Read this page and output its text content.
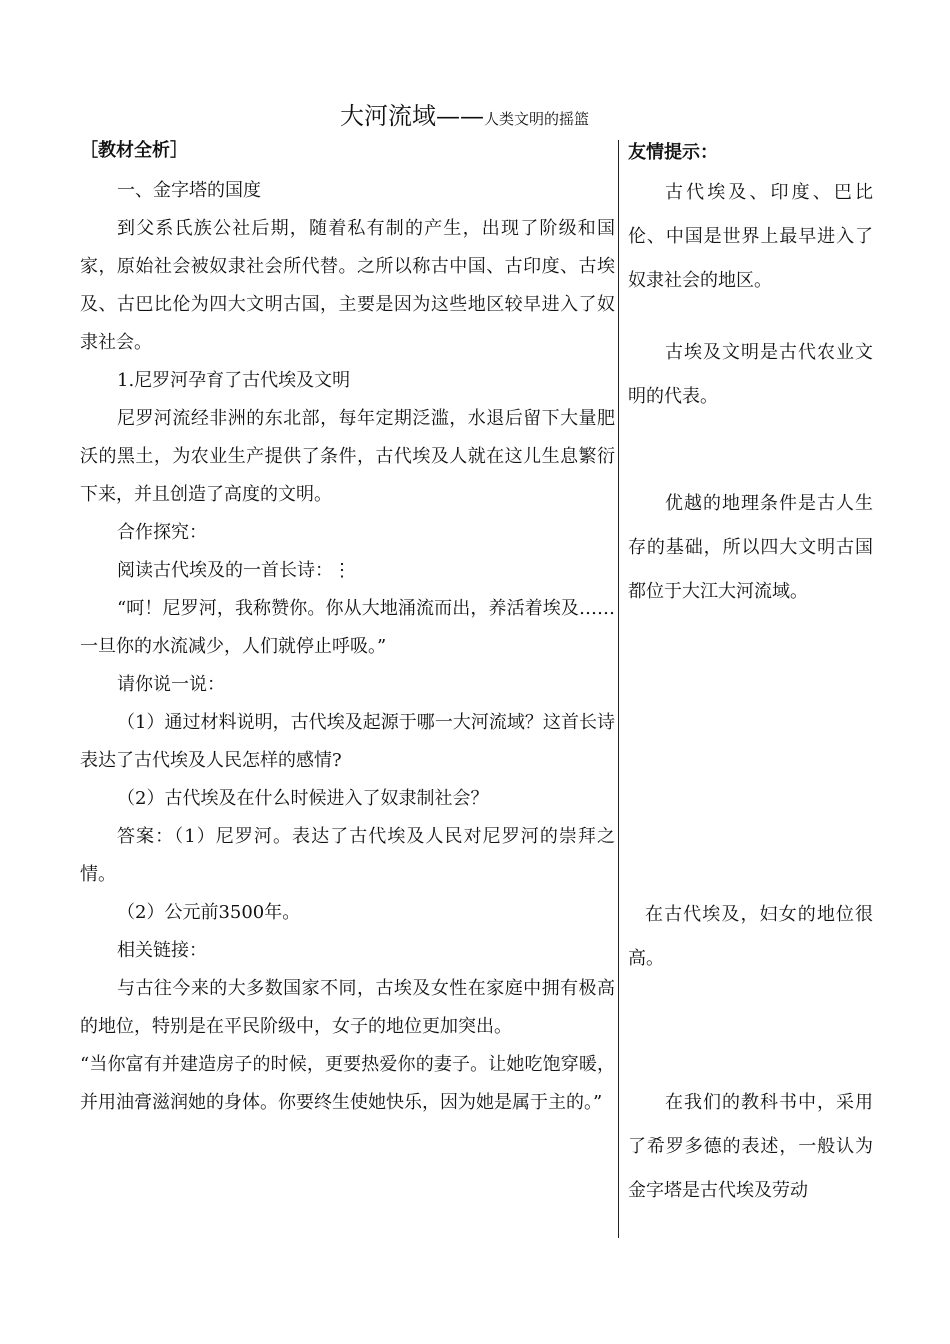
大河流域——人类文明的摇篮
［教材全析］

一、金字塔的国度

到父系氏族公社后期，随着私有制的产生，出现了阶级和国家，原始社会被奴隶社会所代替。之所以称古中国、古印度、古埃及、古巴比伦为四大文明古国，主要是因为这些地区较早进入了奴隶社会。

1.尼罗河孕育了古代埃及文明

尼罗河流经非洲的东北部，每年定期泛滥，水退后留下大量肥沃的黑土，为农业生产提供了条件，古代埃及人就在这儿生息繁衍下来，并且创造了高度的文明。

合作探究：

阅读古代埃及的一首长诗：⋮

“呵！尼罗河，我称赞你。你从大地涌流而出，养活着埃及……一旦你的水流减少，人们就停止呼吸。”

请你说一说：

（1）通过材料说明，古代埃及起源于哪一大河流域？这首长诗表达了古代埃及人民怎样的感情?

（2）古代埃及在什么时候进入了奴隶制社会？

答案：（1）尼罗河。表达了古代埃及人民对尼罗河的崇拜之情。

（2）公元前3500年。

相关链接：

与古往今来的大多数国家不同，古埃及女性在家庭中拥有极高的地位，特别是在平民阶级中，女子的地位更加突出。

“当你富有并建造房子的时候，更要热爱你的妻子。让她吃饱穿暖，并用油膏滋润她的身体。你要终生使她快乐，因为她是属于主的。”

友情提示：

古代埃及、印度、巴比伦、中国是世界上最早进入了奴隶社会的地区。

古埃及文明是古代农业文明的代表。

优越的地理条件是古人生存的基础，所以四大文明古国都位于大江大河流域。

在古代埃及，妇女的地位很高。

在我们的教科书中，采用了希罗多德的表述，一般认为金字塔是古代埃及劳动
